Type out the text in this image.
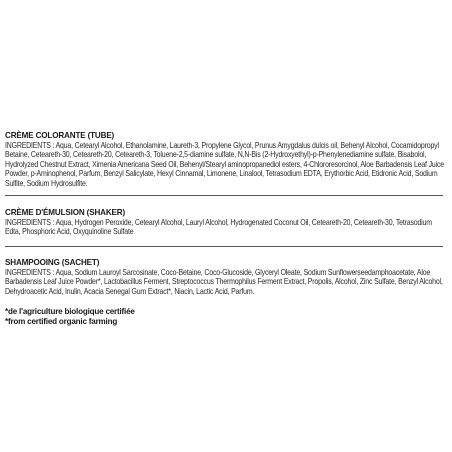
CRÈME COLORANTE (TUBE)
INGREDIENTS : Aqua, Cetearyl Alcohol, Ethanolamine, Laureth-3, Propylene Glycol, Prunus Amygdalus dulcis oil, Behenyl Alcohol, Cocamidopropyl Betaine, Ceteareth-30, Ceteareth-20, Ceteareth-3, Toluene-2,5-diamine sulfate, N,N-Bis (2-Hydroxyethyl)-p-Phenylenediamine sulfate, Bisabolol, Hydrolyzed Chestnut Extract, Ximenia Americana Seed Oil, Behenyl/Stearyl aminopropanediol esters, 4-Chlororesorcinol, Aloe Barbadensis Leaf Juice Powder, p-Aminophenol, Parfum, Benzyl Salicylate, Hexyl Cinnamal, Limonene, Linalool, Tetrasodium EDTA, Erythorbic Acid, Etidronic Acid, Sodium Sulfite, Sodium Hydrosulfite.
CRÈME D'ÉMULSION (SHAKER)
INGREDIENTS : Aqua, Hydrogen Peroxide, Cetearyl Alcohol, Lauryl Alcohol, Hydrogenated Coconut Oil, Ceteareth-20, Ceteareth-30, Tetrasodium Edta, Phosphoric Acid, Oxyquinoline Sulfate
SHAMPOOING (SACHET)
INGREDIENTS : Aqua, Sodium Lauroyl Sarcosinate, Coco-Betaine, Coco-Glucoside, Glyceryl Oleate, Sodium Sunflowerseedamphoacetate, Aloe Barbadensis Leaf Juice Powder*, Lactobacillus Ferment, Streptococcus Thermophilus Ferment Extract, Propolis, Alcohol, Zinc Sulfate, Benzyl Alcohol, Dehydroacetic Acid, Inulin, Acacia Senegal Gum Extract*, Niacin, Lactic Acid, Parfum.
*de l'agriculture biologique certifiée
*from certified organic farming
